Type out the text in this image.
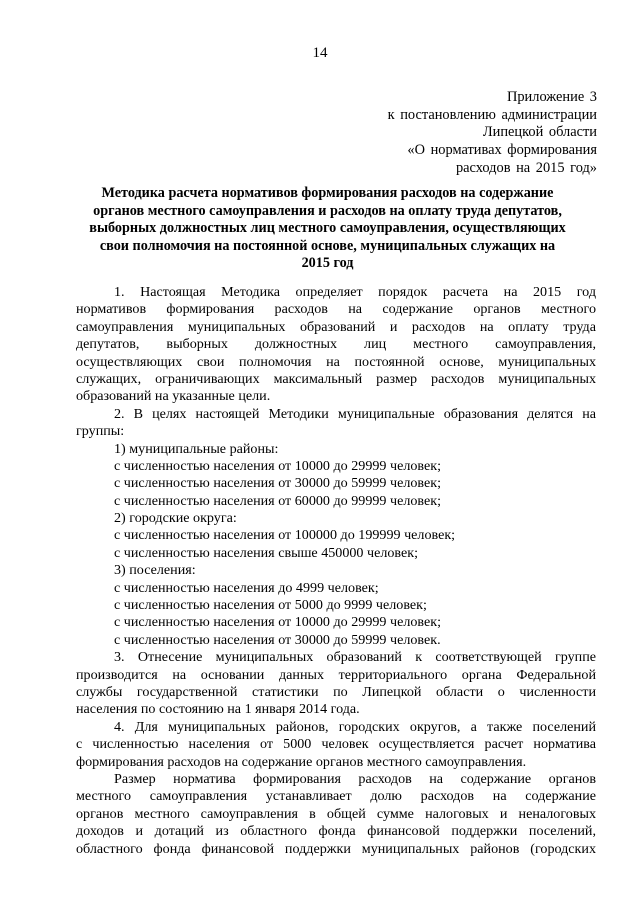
14
Приложение 3
к постановлению администрации
Липецкой области
«О нормативах формирования
расходов на 2015 год»
Методика расчета нормативов формирования расходов на содержание
органов местного самоуправления и расходов на оплату труда депутатов,
выборных должностных лиц местного самоуправления, осуществляющих
свои полномочия на постоянной основе, муниципальных служащих на
2015 год
1. Настоящая Методика определяет порядок расчета на 2015 год
нормативов формирования расходов на содержание органов местного
самоуправления муниципальных образований и расходов на оплату труда
депутатов, выборных должностных лиц местного самоуправления,
осуществляющих свои полномочия на постоянной основе, муниципальных
служащих, ограничивающих максимальный размер расходов муниципальных
образований на указанные цели.
2. В целях настоящей Методики муниципальные образования делятся на
группы:
1) муниципальные районы:
с численностью населения от 10000 до 29999 человек;
с численностью населения от 30000 до 59999 человек;
с численностью населения от 60000 до 99999 человек;
2) городские округа:
с численностью населения от 100000 до 199999 человек;
с численностью населения свыше 450000 человек;
3) поселения:
с численностью населения до 4999 человек;
с численностью населения от 5000 до 9999 человек;
с численностью населения от 10000 до 29999 человек;
с численностью населения от 30000 до 59999 человек.
3. Отнесение муниципальных образований к соответствующей группе
производится на основании данных территориального органа Федеральной
службы государственной статистики по Липецкой области о численности
населения по состоянию на 1 января 2014 года.
4. Для муниципальных районов, городских округов, а также поселений
с численностью населения от 5000 человек осуществляется расчет норматива
формирования расходов на содержание органов местного самоуправления.
Размер норматива формирования расходов на содержание органов
местного самоуправления устанавливает долю расходов на содержание
органов местного самоуправления в общей сумме налоговых и неналоговых
доходов и дотаций из областного фонда финансовой поддержки поселений,
областного фонда финансовой поддержки муниципальных районов (городских
